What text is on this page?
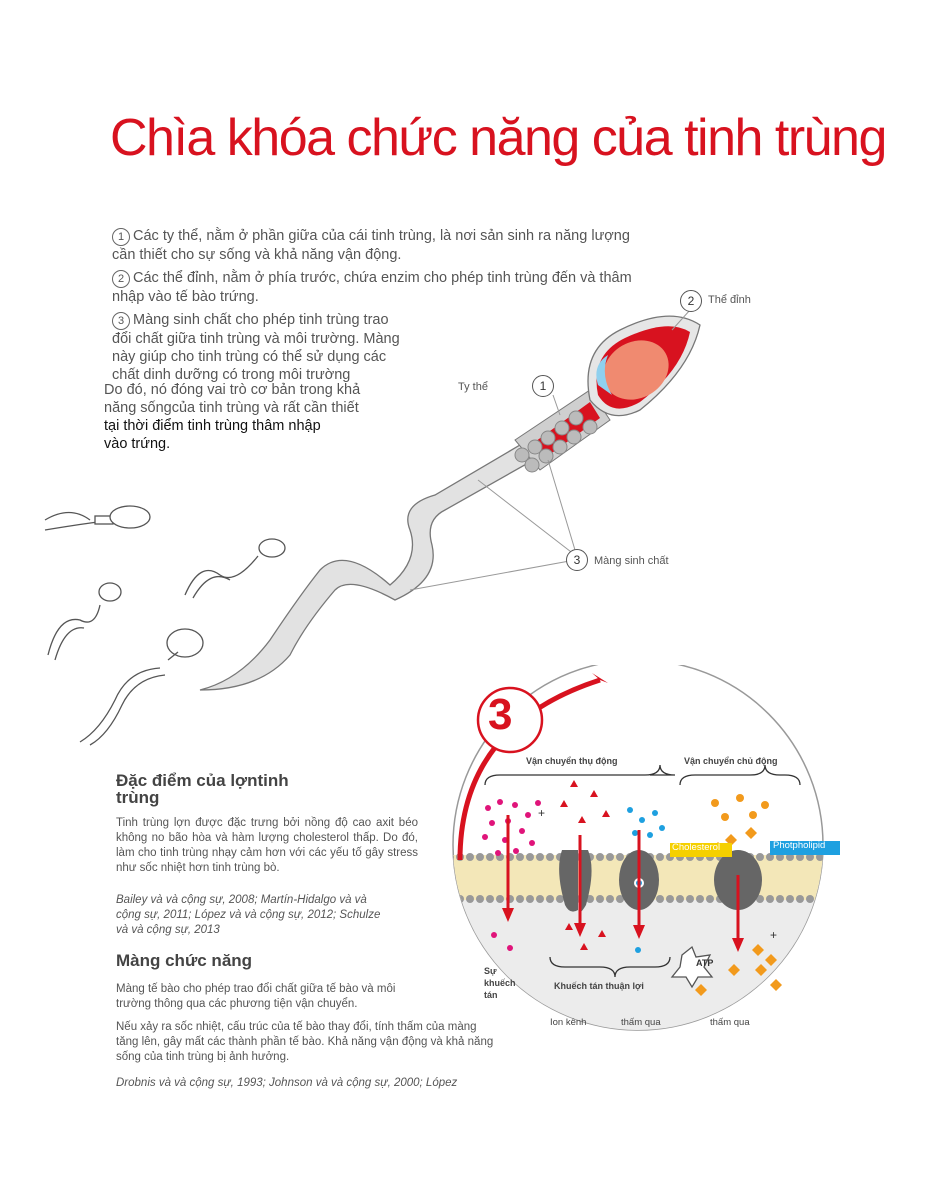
Chìa khóa chức năng của tinh trùng
1 Các ty thể, nằm ở phần giữa của cái tinh trùng, là nơi sản sinh ra năng lượng cần thiết cho sự sống và khả năng vận động.
2 Các thể đỉnh, nằm ở phía trước, chứa enzim cho phép tinh trùng đến và thâm nhập vào tế bào trứng.
3 Màng sinh chất cho phép tinh trùng trao
đổi chất giữa tinh trùng và môi trường. Màng
này giúp cho tinh trùng có thể sử dụng các
chất dinh dưỡng có trong môi trường
Do đó, nó đóng vai trò cơ bản trong khả
năng sốngcủa tinh trùng và rất cần thiết
tại thời điểm tinh trùng thâm nhập
vào trứng.
2	Thể đỉnh
1
Ty thể
3	Màng sinh chất
Đặc điểm của lợntinh trùng
Tinh trùng lợn được đặc trưng bởi nồng độ cao axit béo không no bão hòa và hàm lượng cholesterol thấp. Do đó, làm cho tinh trùng nhạy cảm hơn với các yếu tố gây stress như sốc nhiệt hơn tinh trùng bò.
Bailey và và cộng sự, 2008; Martín-Hidalgo và và cộng sự, 2011; López và và cộng sự, 2012; Schulze và và cộng sự, 2013
Màng chức năng
Màng tế bào cho phép trao đổi chất giữa tế bào và môi trường thông qua các phương tiện vận chuyển.
Nếu xảy ra sốc nhiệt, cấu trúc của tế bào thay đổi, tính thấm của màng tăng lên, gây mất các thành phần tế bào. Khả năng vận động và khả năng sống của tinh trùng bị ảnh hưởng.
Drobnis và và cộng sự, 1993; Johnson và và cộng sự, 2000; López
3
Vận chuyển thụ động	Vận chuyển chủ động
Cholesterol	Photpholipid
Sự khuếch tán
Khuếch tán thuận lợi
Ion kênh	thấm qua	thấm qua
ATP
+
+
